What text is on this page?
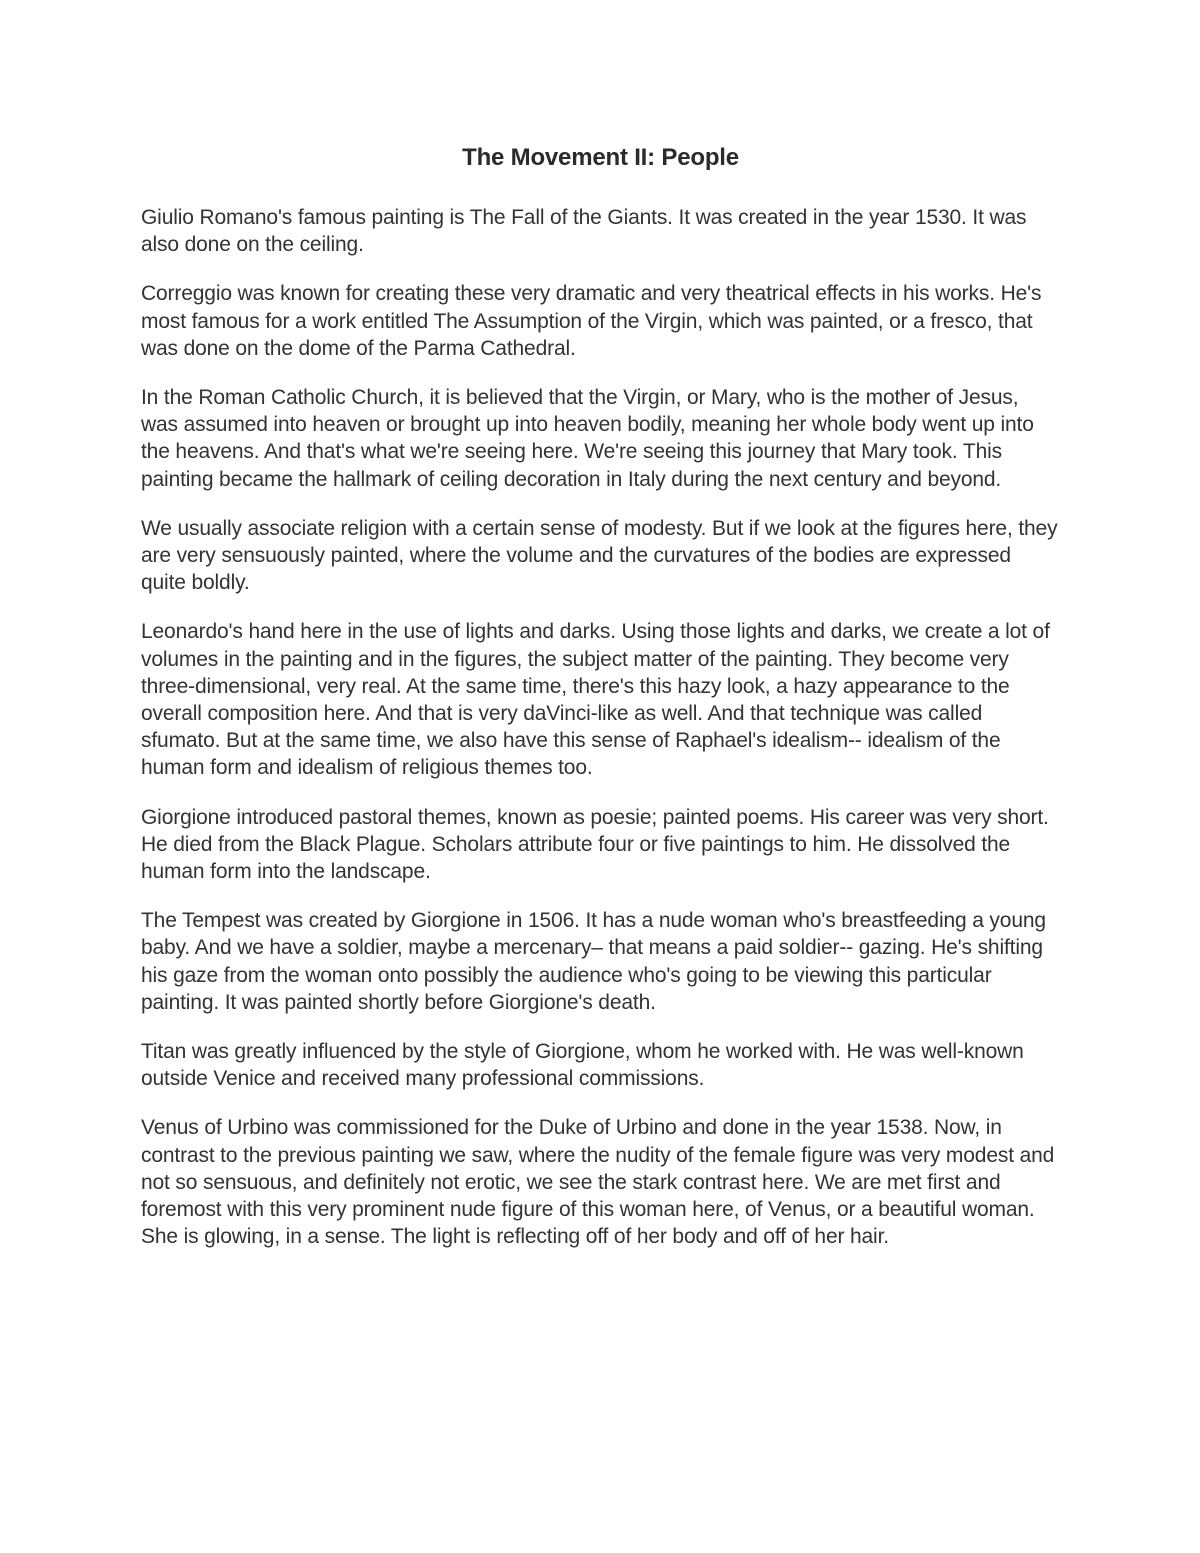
The Movement II: People

Giulio Romano's famous painting is The Fall of the Giants. It was created in the year 1530. It was also done on the ceiling.

Correggio was known for creating these very dramatic and very theatrical effects in his works. He's most famous for a work entitled The Assumption of the Virgin, which was painted, or a fresco, that was done on the dome of the Parma Cathedral.

In the Roman Catholic Church, it is believed that the Virgin, or Mary, who is the mother of Jesus, was assumed into heaven or brought up into heaven bodily, meaning her whole body went up into the heavens. And that's what we're seeing here. We're seeing this journey that Mary took. This painting became the hallmark of ceiling decoration in Italy during the next century and beyond.

We usually associate religion with a certain sense of modesty. But if we look at the figures here, they are very sensuously painted, where the volume and the curvatures of the bodies are expressed quite boldly.

Leonardo's hand here in the use of lights and darks. Using those lights and darks, we create a lot of volumes in the painting and in the figures, the subject matter of the painting. They become very three-dimensional, very real. At the same time, there's this hazy look, a hazy appearance to the overall composition here. And that is very daVinci-like as well. And that technique was called sfumato. But at the same time, we also have this sense of Raphael's idealism-- idealism of the human form and idealism of religious themes too.

Giorgione introduced pastoral themes, known as poesie; painted poems. His career was very short. He died from the Black Plague. Scholars attribute four or five paintings to him. He dissolved the human form into the landscape.

The Tempest was created by Giorgione in 1506. It has a nude woman who's breastfeeding a young baby. And we have a soldier, maybe a mercenary– that means a paid soldier-- gazing. He's shifting his gaze from the woman onto possibly the audience who's going to be viewing this particular painting. It was painted shortly before Giorgione's death.

Titan was greatly influenced by the style of Giorgione, whom he worked with. He was well-known outside Venice and received many professional commissions.

Venus of Urbino was commissioned for the Duke of Urbino and done in the year 1538. Now, in contrast to the previous painting we saw, where the nudity of the female figure was very modest and not so sensuous, and definitely not erotic, we see the stark contrast here. We are met first and foremost with this very prominent nude figure of this woman here, of Venus, or a beautiful woman. She is glowing, in a sense. The light is reflecting off of her body and off of her hair.
